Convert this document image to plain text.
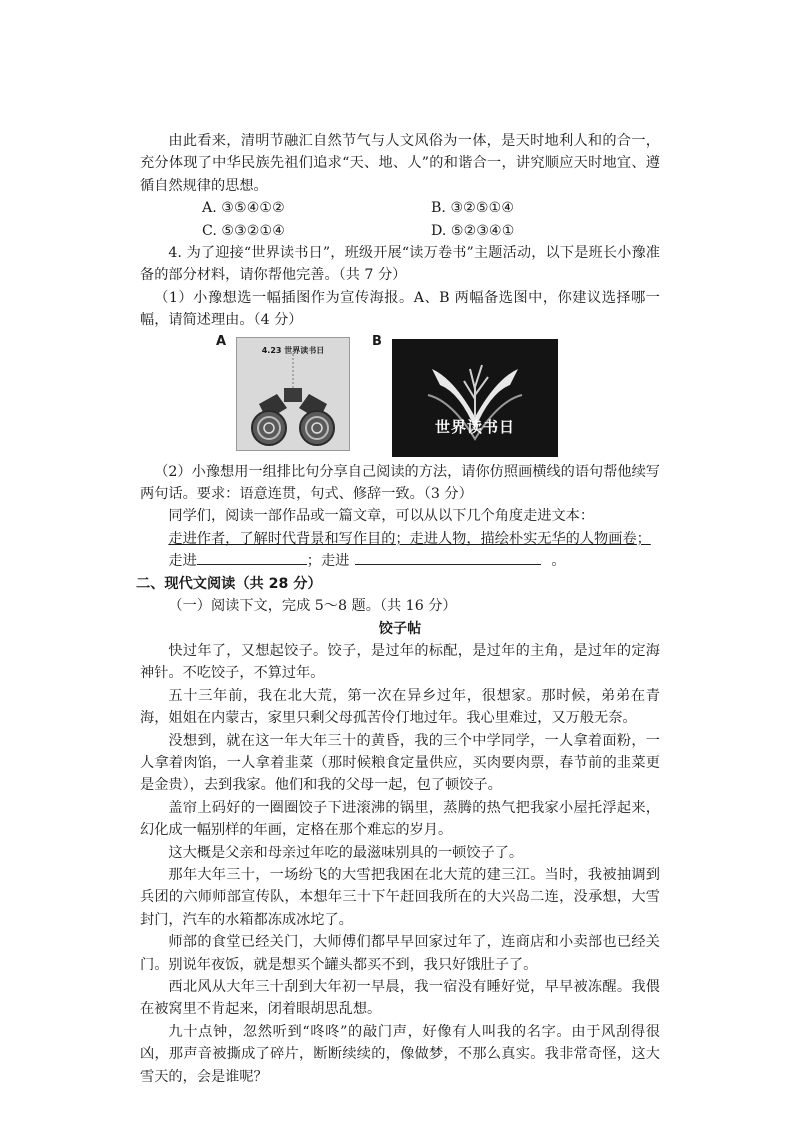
由此看来，清明节融汇自然节气与人文风俗为一体，是天时地利人和的合一，充分体现了中华民族先祖们追求“天、地、人”的和谐合一，讲究顺应天时地宜、遵循自然规律的思想。

A. ③⑤④①②	B. ③②⑤①④
C. ⑤③②①④	D. ⑤②③④①

4. 为了迎接“世界读书日”，班级开展“读万卷书”主题活动，以下是班长小豫准备的部分材料，请你帮他完善。（共 7 分）

（1）小豫想选一幅插图作为宣传海报。A、B 两幅备选图中，你建议选择哪一幅，请简述理由。（4 分）

A
4.23 世界读书日
B
世界读书日

（2）小豫想用一组排比句分享自己阅读的方法，请你仿照画横线的语句帮他续写两句话。要求：语意连贯，句式、修辞一致。（3 分）

同学们，阅读一部作品或一篇文章，可以从以下几个角度走进文本：

走进作者，了解时代背景和写作目的；走进人物，描绘朴实无华的人物画卷；

走进	；走进	。

二、现代文阅读（共 28 分）

（一）阅读下文，完成 5～8 题。（共 16 分）

饺子帖

快过年了，又想起饺子。饺子，是过年的标配，是过年的主角，是过年的定海神针。不吃饺子，不算过年。

五十三年前，我在北大荒，第一次在异乡过年，很想家。那时候，弟弟在青海，姐姐在内蒙古，家里只剩父母孤苦伶仃地过年。我心里难过，又万般无奈。

没想到，就在这一年大年三十的黄昏，我的三个中学同学，一人拿着面粉，一人拿着肉馅，一人拿着韭菜（那时候粮食定量供应，买肉要肉票，春节前的韭菜更是金贵），去到我家。他们和我的父母一起，包了顿饺子。

盖帘上码好的一圈圈饺子下进滚沸的锅里，蒸腾的热气把我家小屋托浮起来，幻化成一幅别样的年画，定格在那个难忘的岁月。

这大概是父亲和母亲过年吃的最滋味别具的一顿饺子了。

那年大年三十，一场纷飞的大雪把我困在北大荒的建三江。当时，我被抽调到兵团的六师师部宣传队，本想年三十下午赶回我所在的大兴岛二连，没承想，大雪封门，汽车的水箱都冻成冰坨了。

师部的食堂已经关门，大师傅们都早早回家过年了，连商店和小卖部也已经关门。别说年夜饭，就是想买个罐头都买不到，我只好饿肚子了。

西北风从大年三十刮到大年初一早晨，我一宿没有睡好觉，早早被冻醒。我偎在被窝里不肯起来，闭着眼胡思乱想。

九十点钟，忽然听到“咚咚”的敲门声，好像有人叫我的名字。由于风刮得很凶，那声音被撕成了碎片，断断续续的，像做梦，不那么真实。我非常奇怪，这大雪天的，会是谁呢？
